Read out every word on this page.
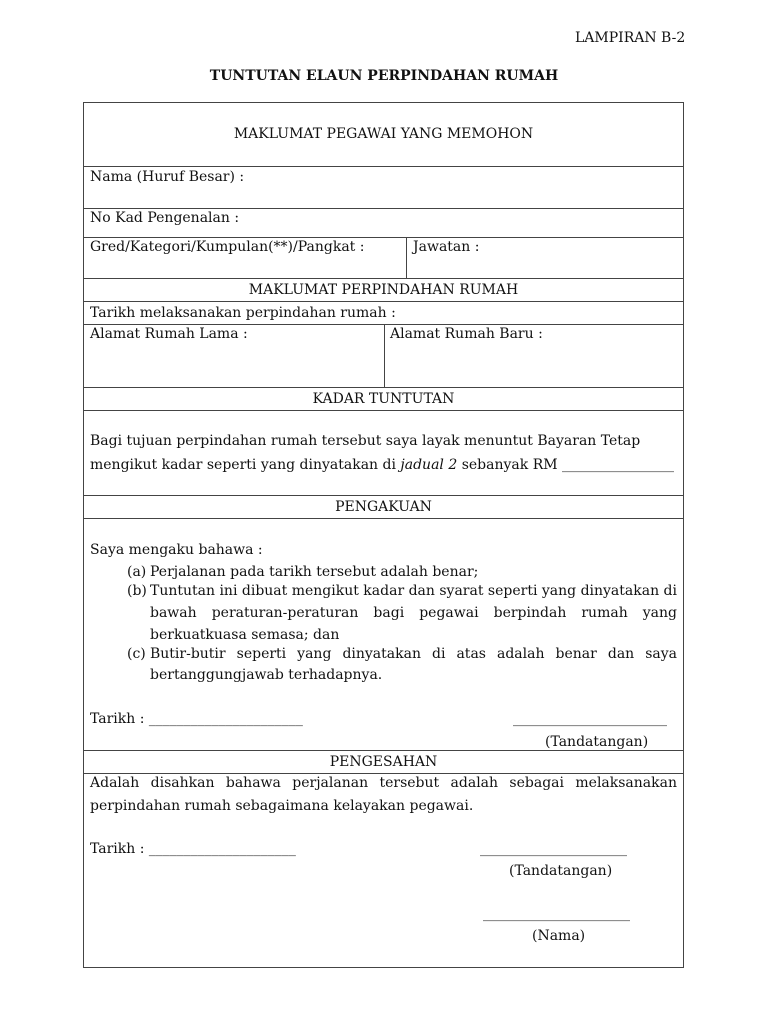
LAMPIRAN B-2
TUNTUTAN ELAUN PERPINDAHAN RUMAH
MAKLUMAT PEGAWAI YANG MEMOHON
Nama (Huruf Besar) :
No Kad Pengenalan :
Gred/Kategori/Kumpulan(**)/Pangkat :	Jawatan :
MAKLUMAT PERPINDAHAN RUMAH
Tarikh melaksanakan perpindahan rumah :
Alamat Rumah Lama :	Alamat Rumah Baru :
KADAR TUNTUTAN
Bagi tujuan perpindahan rumah tersebut saya layak menuntut Bayaran Tetap
mengikut kadar seperti yang dinyatakan di jadual 2 sebanyak RM ________________
PENGAKUAN
Saya mengaku bahawa :
(a) Perjalanan pada tarikh tersebut adalah benar;
(b) Tuntutan ini dibuat mengikut kadar dan syarat seperti yang dinyatakan di
bawah peraturan-peraturan bagi pegawai berpindah rumah yang
berkuatkuasa semasa; dan
(c) Butir-butir seperti yang dinyatakan di atas adalah benar dan saya
bertanggungjawab terhadapnya.
Tarikh : ______________________	______________________
(Tandatangan)
PENGESAHAN
Adalah disahkan bahawa perjalanan tersebut adalah sebagai melaksanakan
perpindahan rumah sebagaimana kelayakan pegawai.
Tarikh : _____________________	_____________________
(Tandatangan)
_____________________
(Nama)
